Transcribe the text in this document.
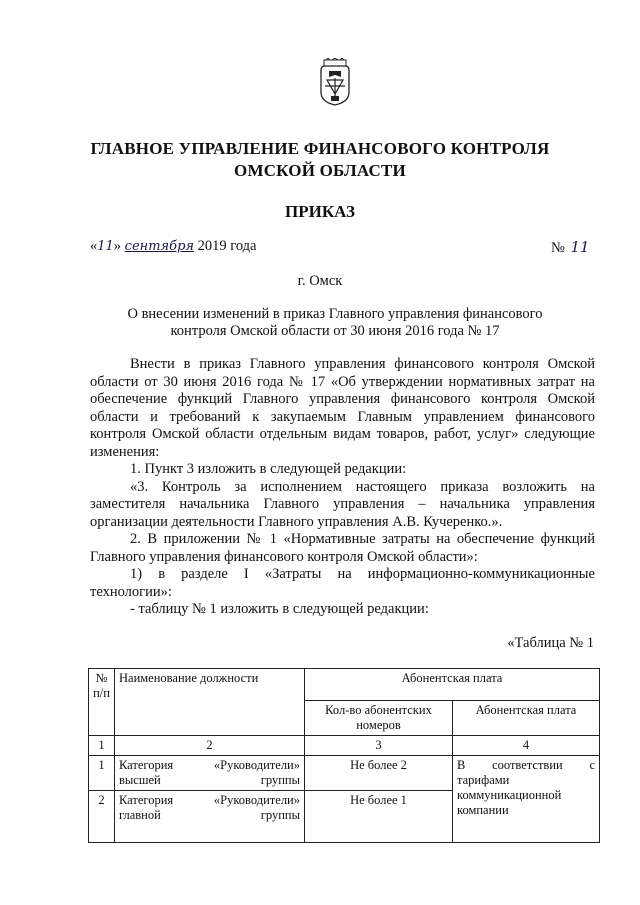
ГЛАВНОЕ УПРАВЛЕНИЕ ФИНАНСОВОГО КОНТРОЛЯ
ОМСКОЙ ОБЛАСТИ
ПРИКАЗ
«11» сентября 2019 года	№ 11
г. Омск
О внесении изменений в приказ Главного управления финансового контроля Омской области от 30 июня 2016 года № 17

Внести в приказ Главного управления финансового контроля Омской области от 30 июня 2016 года № 17 «Об утверждении нормативных затрат на обеспечение функций Главного управления финансового контроля Омской области и требований к закупаемым Главным управлением финансового контроля Омской области отдельным видам товаров, работ, услуг» следующие изменения:

1. Пункт 3 изложить в следующей редакции:

«3. Контроль за исполнением настоящего приказа возложить на заместителя начальника Главного управления – начальника управления организации деятельности Главного управления А.В. Кучеренко.».

2. В приложении № 1 «Нормативные затраты на обеспечение функций Главного управления финансового контроля Омской области»:

1) в разделе I «Затраты на информационно-коммуникационные технологии»:

- таблицу № 1 изложить в следующей редакции:

«Таблица № 1
№ п/п	Наименование должности	Абонентская плата	
		Кол-во абонентских номеров	Абонентская плата
1	2	3	4
1	Категория «Руководители» высшей группы	Не более 2	В соответствии с тарифами коммуникационной компании
2	Категория «Руководители» главной группы	Не более 1	
